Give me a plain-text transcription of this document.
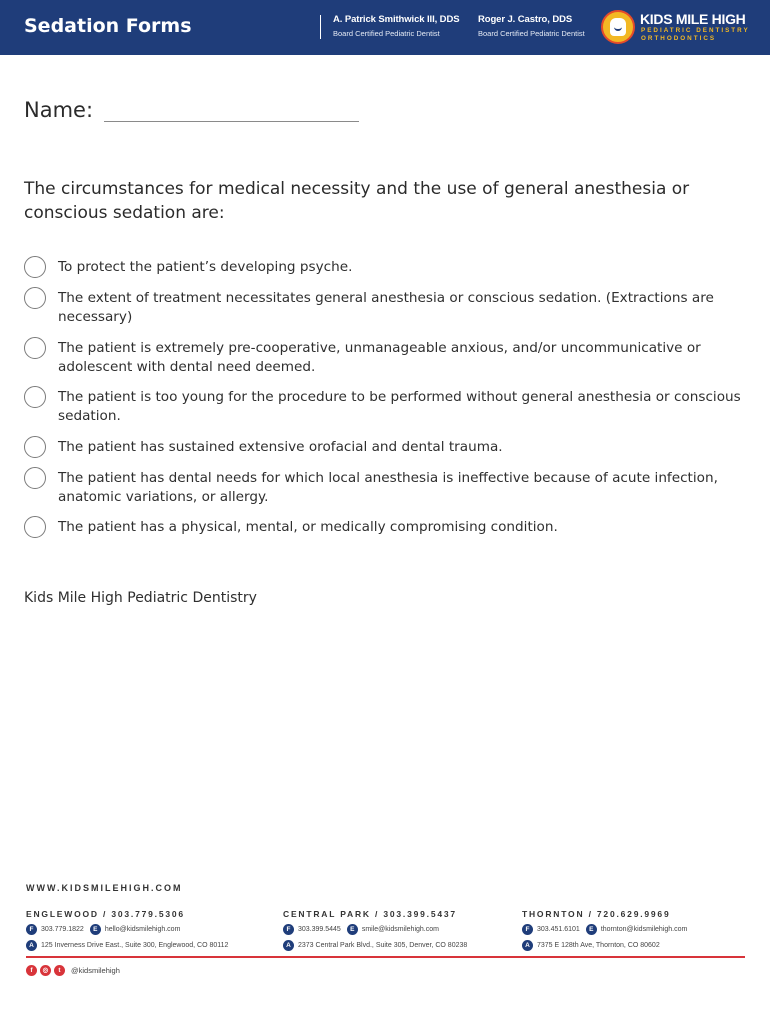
Sedation Forms	A. Patrick Smithwick III, DDS
Board Certified Pediatric Dentist
Roger J. Castro, DDS
Board Certified Pediatric Dentist
KIDS MILE HIGH
PEDIATRIC DENTISTRY
ORTHODONTICS
Name:
The circumstances for medical necessity and the use of general anesthesia or conscious sedation are:
To protect the patient’s developing psyche.
The extent of treatment necessitates general anesthesia or conscious sedation. (Extractions are necessary)
The patient is extremely pre-cooperative, unmanageable anxious, and/or uncommunicative or adolescent with dental need deemed.
The patient is too young for the procedure to be performed without general anesthesia or conscious sedation.
The patient has sustained extensive orofacial and dental trauma.
The patient has dental needs for which local anesthesia is ineffective because of acute infection, anatomic variations, or allergy.
The patient has a physical, mental, or medically compromising condition.
Kids Mile High Pediatric Dentistry
WWW.KIDSMILEHIGH.COM
ENGLEWOOD / 303.779.5306
F	303.779.1822	E	hello@kidsmilehigh.com
A	125 Inverness Drive East., Suite 300, Englewood, CO 80112
CENTRAL PARK / 303.399.5437
F	303.399.5445	E	smile@kidsmilehigh.com
A	2373 Central Park Blvd., Suite 305, Denver, CO 80238
THORNTON / 720.629.9969
F	303.451.6101	E	thornton@kidsmilehigh.com
A	7375 E 128th Ave, Thornton, CO 80602
f	◎	t	@kidsmilehigh
